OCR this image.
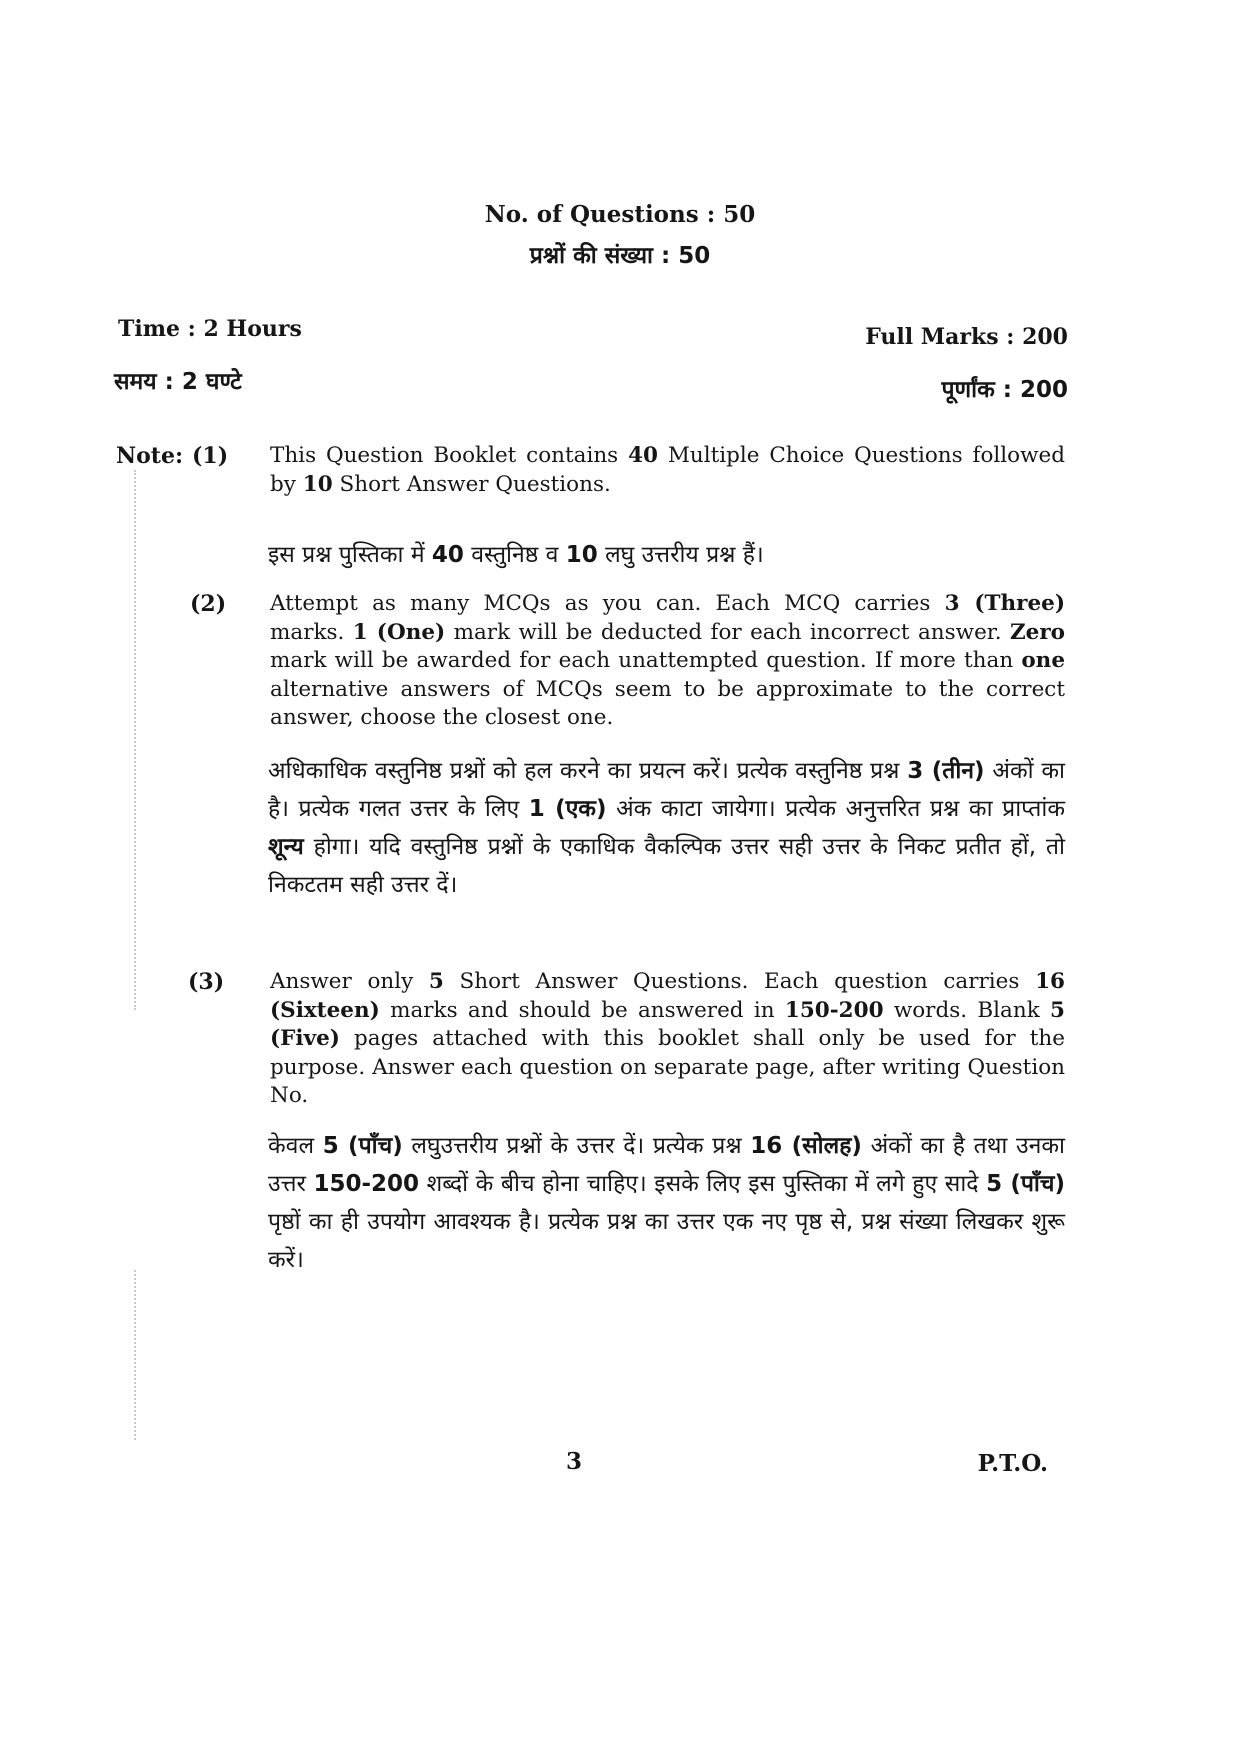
No. of Questions : 50
प्रश्नों की संख्या : 50
Time : 2 Hours
समय : 2 घण्टे
Full Marks : 200
पूर्णांक : 200
Note: (1)
(2)
(3)
This Question Booklet contains 40 Multiple Choice Questions followed by 10 Short Answer Questions.
इस प्रश्न पुस्तिका में 40 वस्तुनिष्ठ व 10 लघु उत्तरीय प्रश्न हैं।
Attempt as many MCQs as you can. Each MCQ carries 3 (Three) marks. 1 (One) mark will be deducted for each incorrect answer. Zero mark will be awarded for each unattempted question. If more than one alternative answers of MCQs seem to be approximate to the correct answer, choose the closest one.
अधिकाधिक वस्तुनिष्ठ प्रश्नों को हल करने का प्रयत्न करें। प्रत्येक वस्तुनिष्ठ प्रश्न 3 (तीन) अंकों का है। प्रत्येक गलत उत्तर के लिए 1 (एक) अंक काटा जायेगा। प्रत्येक अनुत्तरित प्रश्न का प्राप्तांक शून्य होगा। यदि वस्तुनिष्ठ प्रश्नों के एकाधिक वैकल्पिक उत्तर सही उत्तर के निकट प्रतीत हों, तो निकटतम सही उत्तर दें।
Answer only 5 Short Answer Questions. Each question carries 16 (Sixteen) marks and should be answered in 150-200 words. Blank 5 (Five) pages attached with this booklet shall only be used for the purpose. Answer each question on separate page, after writing Question No.
केवल 5 (पाँच) लघुउत्तरीय प्रश्नों के उत्तर दें। प्रत्येक प्रश्न 16 (सोलह) अंकों का है तथा उनका उत्तर 150-200 शब्दों के बीच होना चाहिए। इसके लिए इस पुस्तिका में लगे हुए सादे 5 (पाँच) पृष्ठों का ही उपयोग आवश्यक है। प्रत्येक प्रश्न का उत्तर एक नए पृष्ठ से, प्रश्न संख्या लिखकर शुरू करें।
3	P.T.O.
